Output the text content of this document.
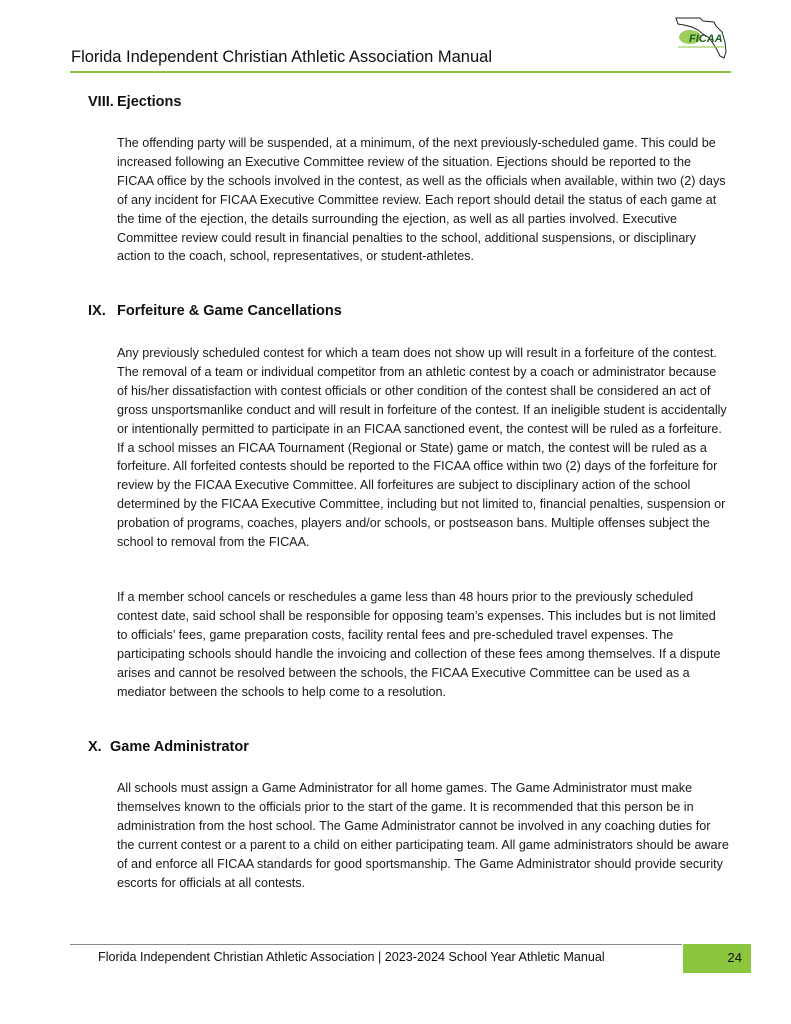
Florida Independent Christian Athletic Association Manual
FICAA
VIII. Ejections

The offending party will be suspended, at a minimum, of the next previously-scheduled game. This could be increased following an Executive Committee review of the situation. Ejections should be reported to the FICAA office by the schools involved in the contest, as well as the officials when available, within two (2) days of any incident for FICAA Executive Committee review. Each report should detail the status of each game at the time of the ejection, the details surrounding the ejection, as well as all parties involved. Executive Committee review could result in financial penalties to the school, additional suspensions, or disciplinary action to the coach, school, representatives, or student-athletes.

IX. Forfeiture & Game Cancellations

Any previously scheduled contest for which a team does not show up will result in a forfeiture of the contest. The removal of a team or individual competitor from an athletic contest by a coach or administrator because of his/her dissatisfaction with contest officials or other condition of the contest shall be considered an act of gross unsportsmanlike conduct and will result in forfeiture of the contest. If an ineligible student is accidentally or intentionally permitted to participate in an FICAA sanctioned event, the contest will be ruled as a forfeiture. If a school misses an FICAA Tournament (Regional or State) game or match, the contest will be ruled as a forfeiture. All forfeited contests should be reported to the FICAA office within two (2) days of the forfeiture for review by the FICAA Executive Committee. All forfeitures are subject to disciplinary action of the school determined by the FICAA Executive Committee, including but not limited to, financial penalties, suspension or probation of programs, coaches, players and/or schools, or postseason bans. Multiple offenses subject the school to removal from the FICAA.

If a member school cancels or reschedules a game less than 48 hours prior to the previously scheduled contest date, said school shall be responsible for opposing team’s expenses. This includes but is not limited to officials’ fees, game preparation costs, facility rental fees and pre-scheduled travel expenses. The participating schools should handle the invoicing and collection of these fees among themselves. If a dispute arises and cannot be resolved between the schools, the FICAA Executive Committee can be used as a mediator between the schools to help come to a resolution.

X. Game Administrator

All schools must assign a Game Administrator for all home games. The Game Administrator must make themselves known to the officials prior to the start of the game. It is recommended that this person be in administration from the host school. The Game Administrator cannot be involved in any coaching duties for the current contest or a parent to a child on either participating team. All game administrators should be aware of and enforce all FICAA standards for good sportsmanship. The Game Administrator should provide security escorts for officials at all contests.

Florida Independent Christian Athletic Association | 2023-2024 School Year Athletic Manual	24
